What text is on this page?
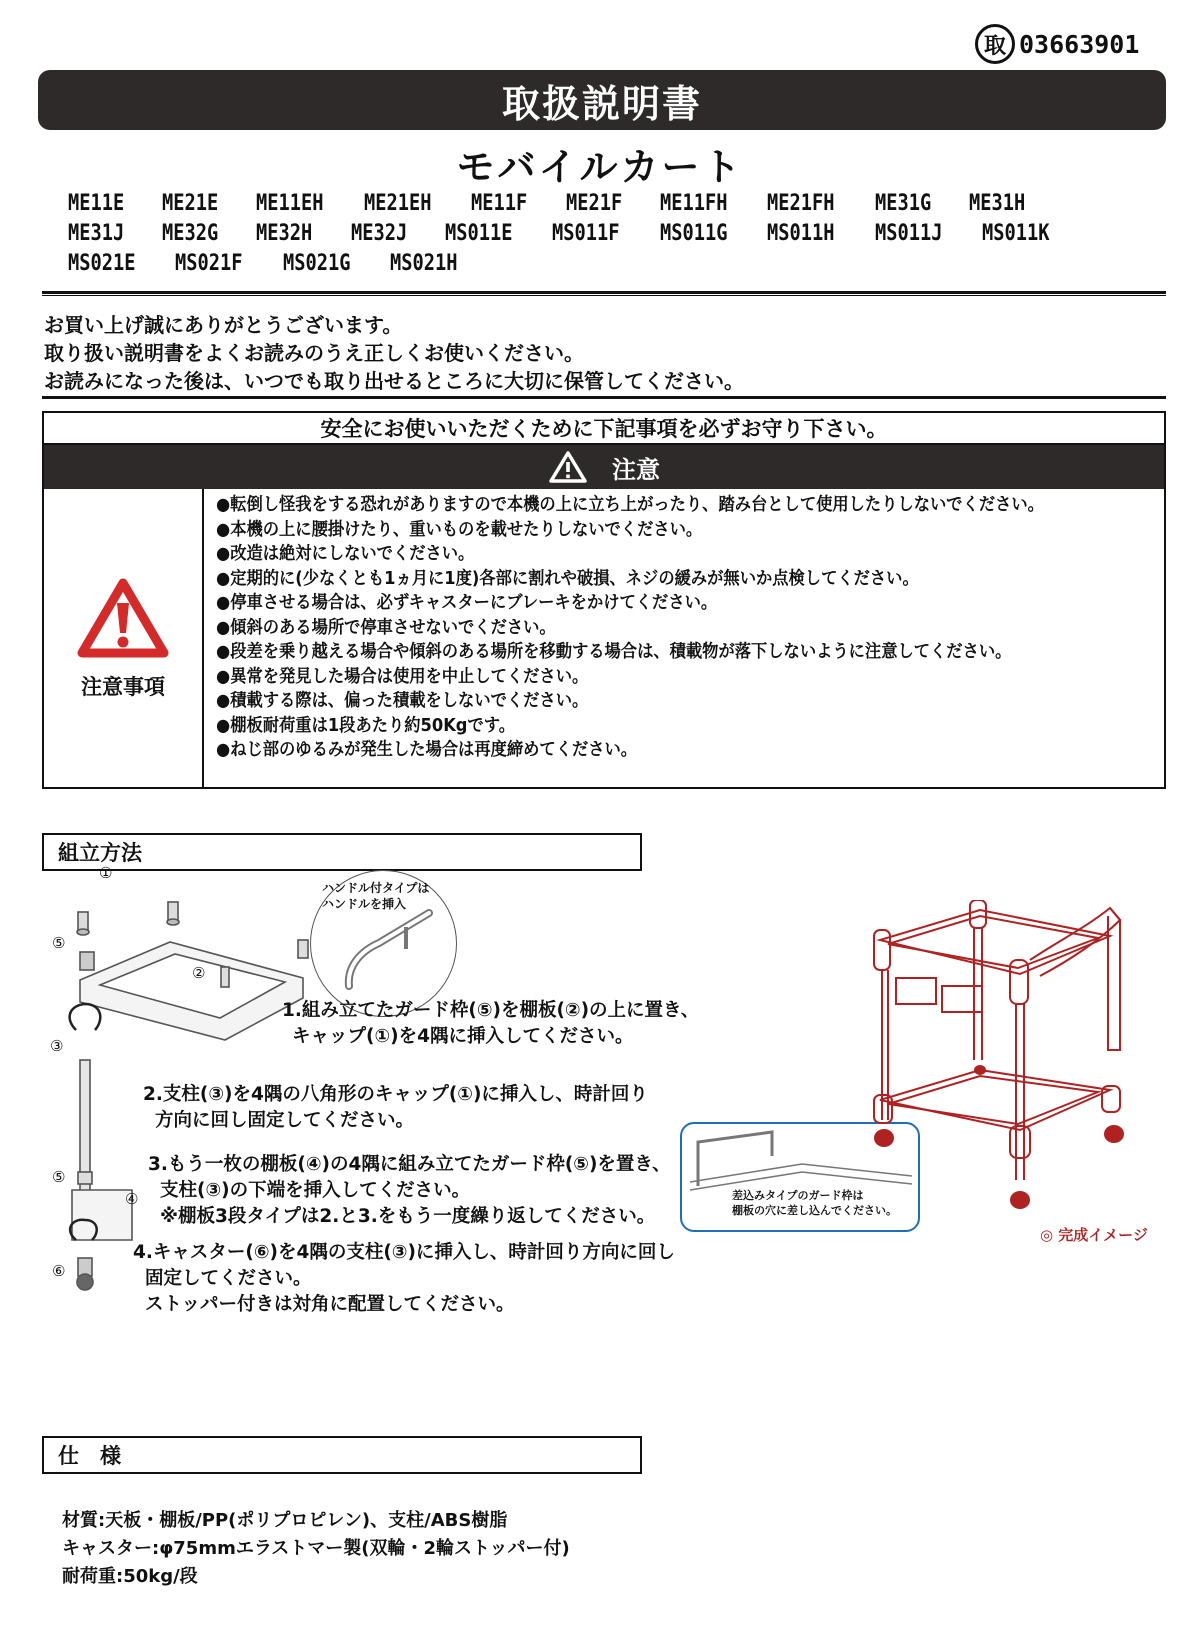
取 03663901
取扱説明書
モバイルカート
ME11E ME21E ME11EH ME21EH ME11F ME21F ME11FH ME21FH ME31G ME31H
ME31J ME32G ME32H ME32J MS011E MS011F MS011G MS011H MS011J MS011K
MS021E MS021F MS021G MS021H
お買い上げ誠にありがとうございます。
取り扱い説明書をよくお読みのうえ正しくお使いください。
お読みになった後は、いつでも取り出せるところに大切に保管してください。
安全にお使いいただくために下記事項を必ずお守り下さい。
注意
注意事項
●転倒し怪我をする恐れがありますので本機の上に立ち上がったり、踏み台として使用したりしないでください。
●本機の上に腰掛けたり、重いものを載せたりしないでください。
●改造は絶対にしないでください。
●定期的に(少なくとも1ヵ月に1度)各部に割れや破損、ネジの緩みが無いか点検してください。
●停車させる場合は、必ずキャスターにブレーキをかけてください。
●傾斜のある場所で停車させないでください。
●段差を乗り越える場合や傾斜のある場所を移動する場合は、積載物が落下しないように注意してください。
●異常を発見した場合は使用を中止してください。
●積載する際は、偏った積載をしないでください。
●棚板耐荷重は1段あたり約50Kgです。
●ねじ部のゆるみが発生した場合は再度締めてください。
組立方法
①
⑤
②
③
⑤
④
⑥
ハンドル付タイプは
ハンドルを挿入
1.組み立てたガード枠(⑤)を棚板(②)の上に置き、
キャップ(①)を4隅に挿入してください。
2.支柱(③)を4隅の八角形のキャップ(①)に挿入し、時計回り
方向に回し固定してください。
3.もう一枚の棚板(④)の4隅に組み立てたガード枠(⑤)を置き、
支柱(③)の下端を挿入してください。
※棚板3段タイプは2.と3.をもう一度繰り返してください。
4.キャスター(⑥)を4隅の支柱(③)に挿入し、時計回り方向に回し
固定してください。
ストッパー付きは対角に配置してください。
差込みタイプのガード枠は
棚板の穴に差し込んでください。
◎ 完成イメージ
仕　様
材質:天板・棚板/PP(ポリプロピレン)、支柱/ABS樹脂
キャスター:φ75mmエラストマー製(双輪・2輪ストッパー付)
耐荷重:50kg/段
